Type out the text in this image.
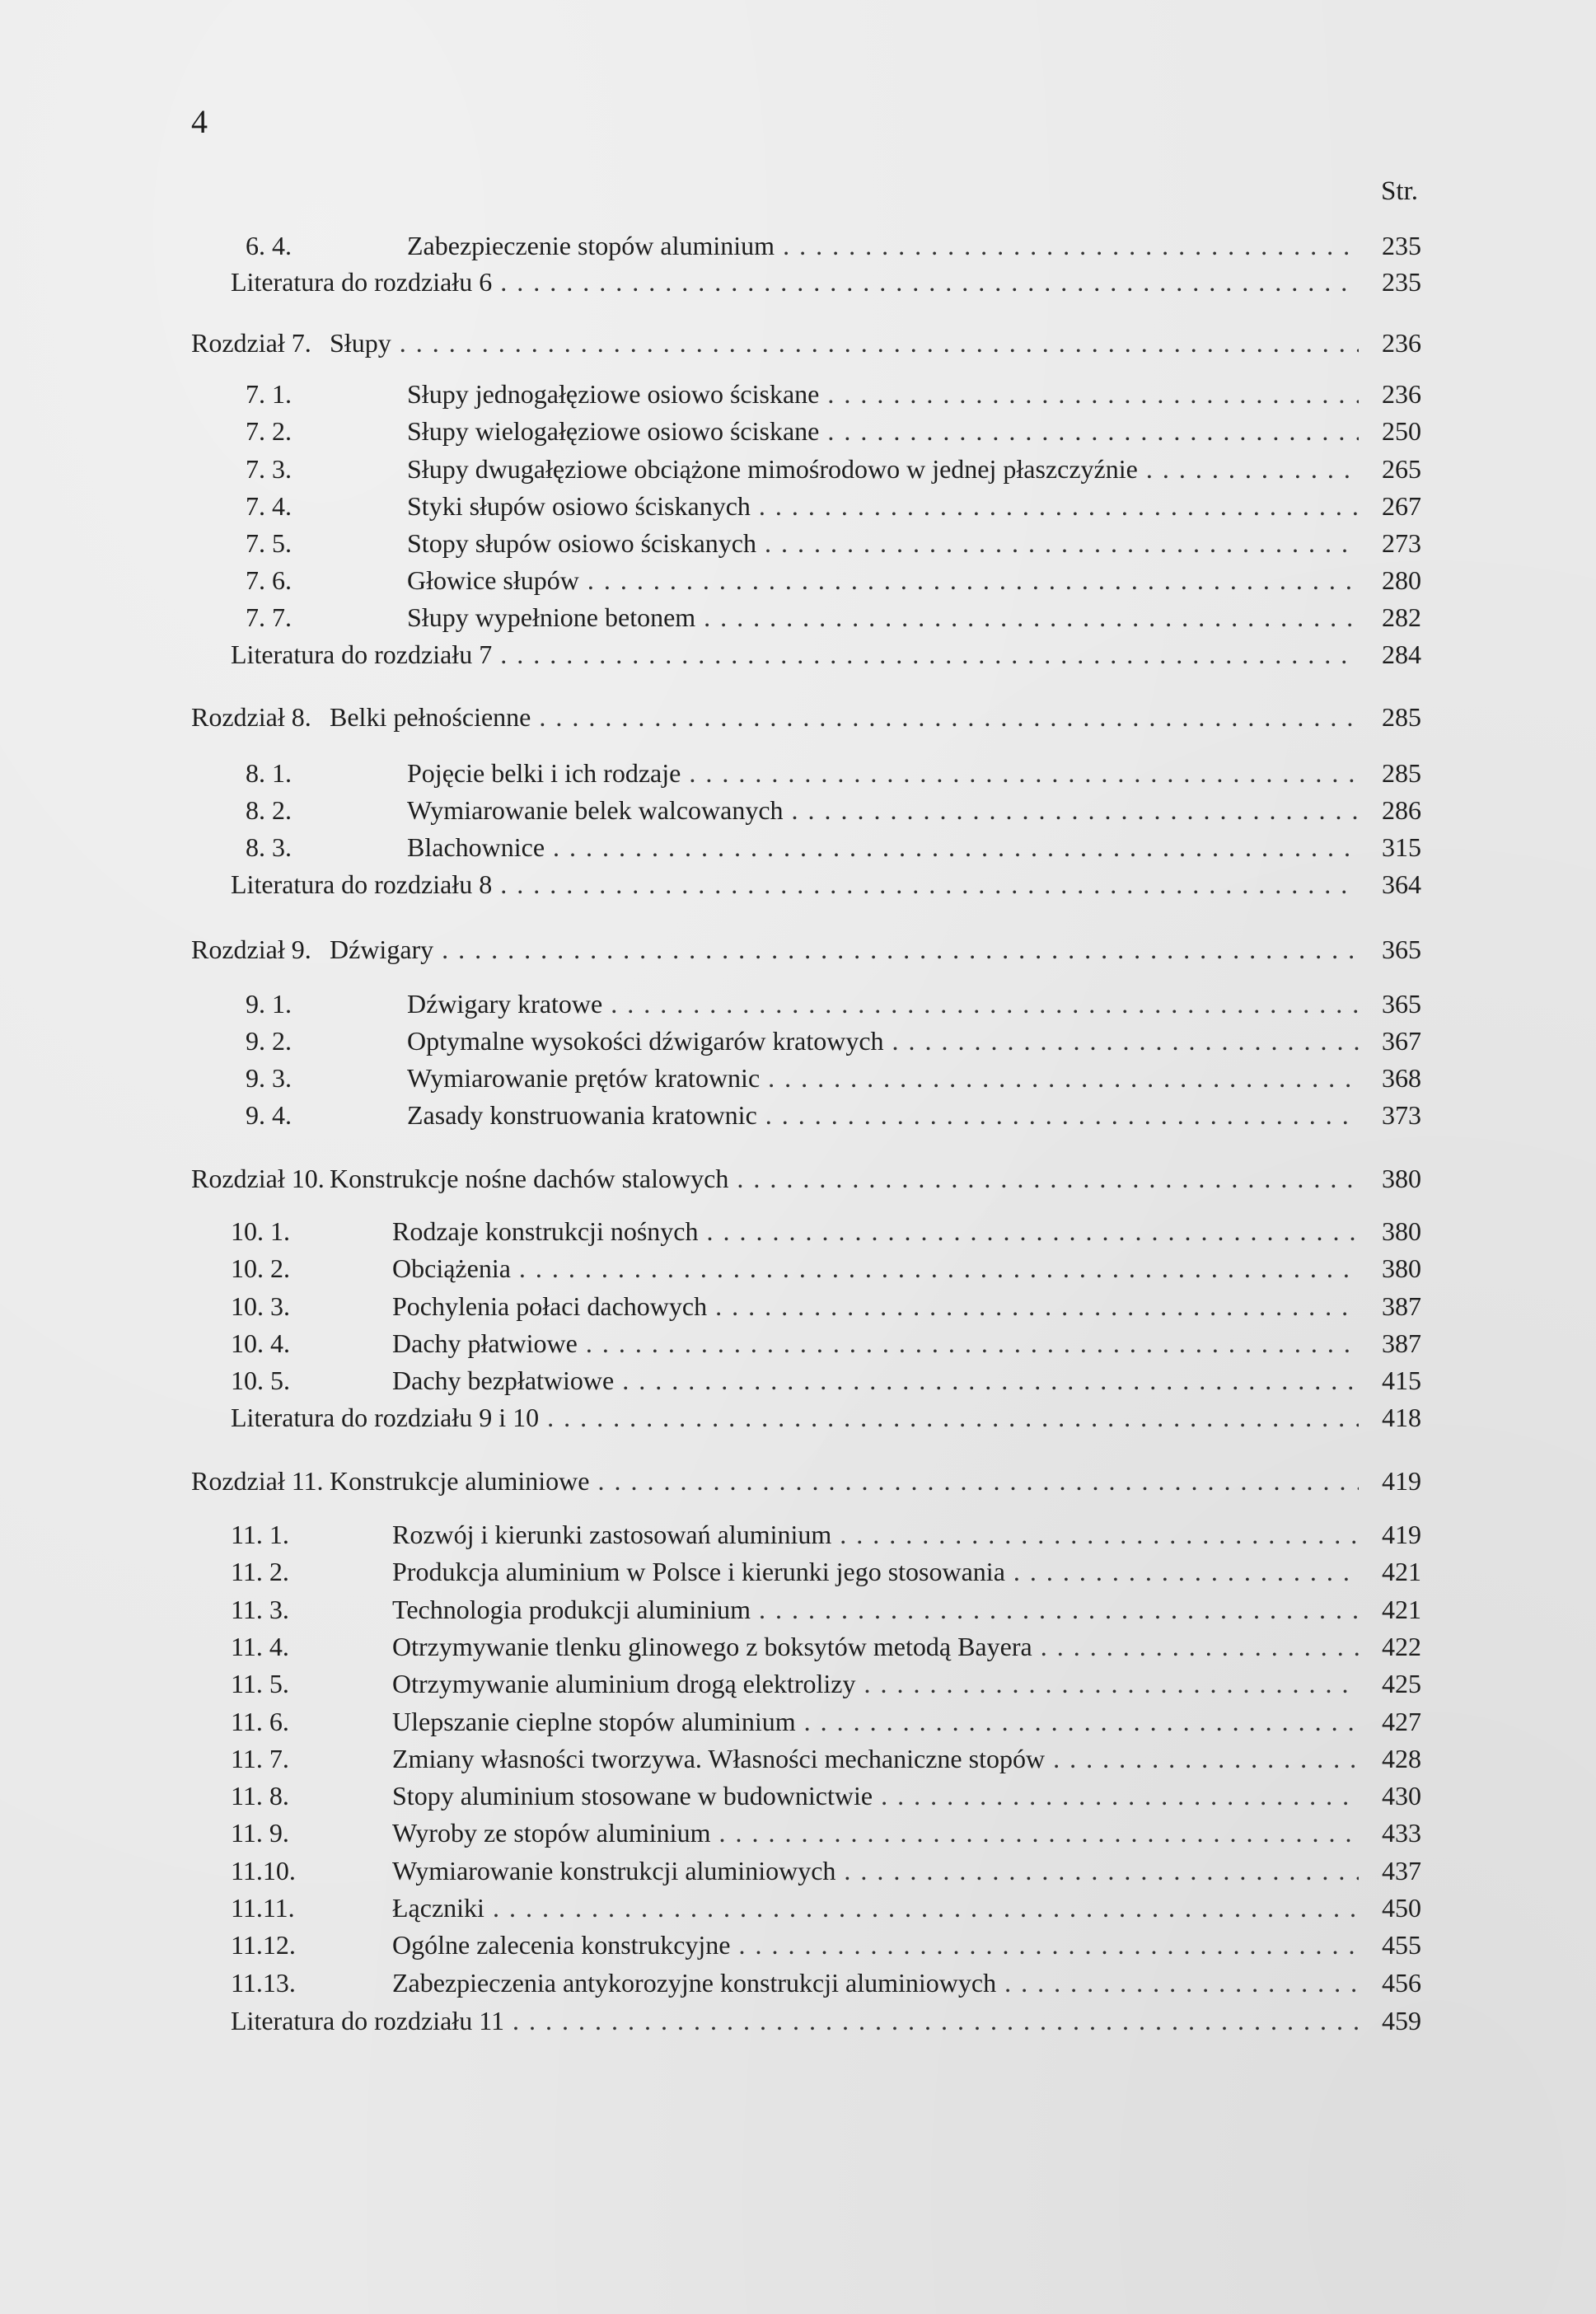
4
Str.
6. 4.	Zabezpieczenie stopów aluminium . . .	235
Literatura do rozdziału 6 . . .	235
Rozdział 7. Słupy . . .	236
7. 1.	Słupy jednogałęziowe osiowo ściskane . . .	236
7. 2.	Słupy wielogałęziowe osiowo ściskane . . .	250
7. 3.	Słupy dwugałęziowe obciążone mimośrodowo w jednej płaszczyźnie . . .	265
7. 4.	Styki słupów osiowo ściskanych . . .	267
7. 5.	Stopy słupów osiowo ściskanych . . .	273
7. 6.	Głowice słupów . . .	280
7. 7.	Słupy wypełnione betonem . . .	282
Literatura do rozdziału 7 . . .	284
Rozdział 8. Belki pełnościenne . . .	285
8. 1.	Pojęcie belki i ich rodzaje . . .	285
8. 2.	Wymiarowanie belek walcowanych . . .	286
8. 3.	Blachownice . . .	315
Literatura do rozdziału 8 . . .	364
Rozdział 9. Dźwigary . . .	365
9. 1.	Dźwigary kratowe . . .	365
9. 2.	Optymalne wysokości dźwigarów kratowych . . .	367
9. 3.	Wymiarowanie prętów kratownic . . .	368
9. 4.	Zasady konstruowania kratownic . . .	373
Rozdział 10. Konstrukcje nośne dachów stalowych . . .	380
10. 1.	Rodzaje konstrukcji nośnych . . .	380
10. 2.	Obciążenia . . .	380
10. 3.	Pochylenia połaci dachowych . . .	387
10. 4.	Dachy płatwiowe . . .	387
10. 5.	Dachy bezpłatwiowe . . .	415
Literatura do rozdziału 9 i 10 . . .	418
Rozdział 11. Konstrukcje aluminiowe . . .	419
11. 1.	Rozwój i kierunki zastosowań aluminium . . .	419
11. 2.	Produkcja aluminium w Polsce i kierunki jego stosowania . . .	421
11. 3.	Technologia produkcji aluminium . . .	421
11. 4.	Otrzymywanie tlenku glinowego z boksytów metodą Bayera . . .	422
11. 5.	Otrzymywanie aluminium drogą elektrolizy . . .	425
11. 6.	Ulepszanie cieplne stopów aluminium . . .	427
11. 7.	Zmiany własności tworzywa. Własności mechaniczne stopów . . .	428
11. 8.	Stopy aluminium stosowane w budownictwie . . .	430
11. 9.	Wyroby ze stopów aluminium . . .	433
11.10.	Wymiarowanie konstrukcji aluminiowych . . .	437
11.11.	Łączniki . . .	450
11.12.	Ogólne zalecenia konstrukcyjne . . .	455
11.13.	Zabezpieczenia antykorozyjne konstrukcji aluminiowych . . .	456
Literatura do rozdziału 11 . . .	459
